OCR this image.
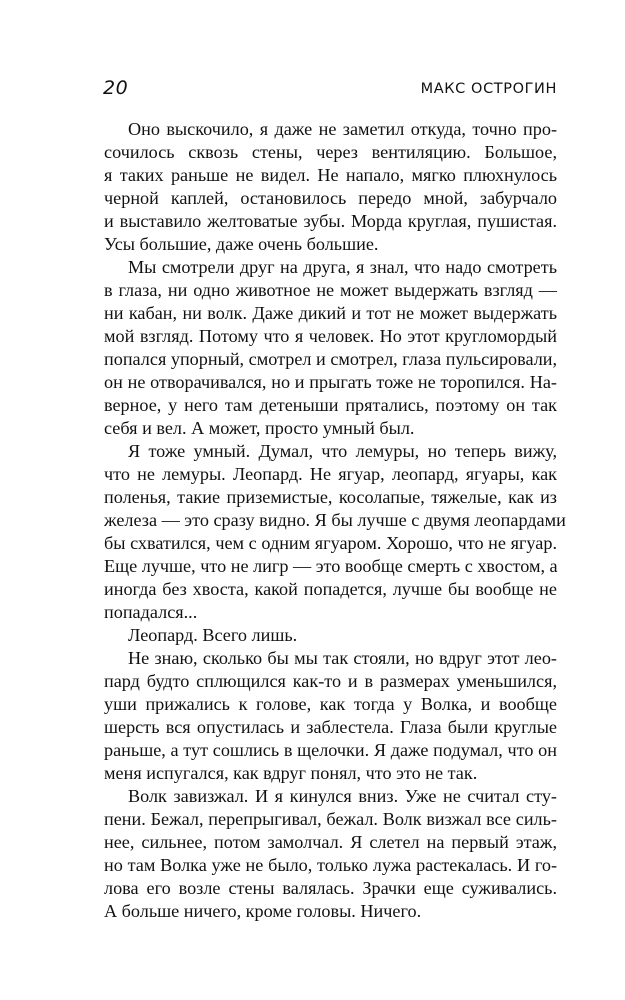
20	МАКС ОСТРОГИН
Оно выскочило, я даже не заметил откуда, точно про-
сочилось сквозь стены, через вентиляцию. Большое,
я таких раньше не видел. Не напало, мягко плюхнулось
черной каплей, остановилось передо мной, забурчало
и выставило желтоватые зубы. Морда круглая, пушистая.
Усы большие, даже очень большие.
Мы смотрели друг на друга, я знал, что надо смотреть
в глаза, ни одно животное не может выдержать взгляд —
ни кабан, ни волк. Даже дикий и тот не может выдержать
мой взгляд. Потому что я человек. Но этот кругломордый
попался упорный, смотрел и смотрел, глаза пульсировали,
он не отворачивался, но и прыгать тоже не торопился. На-
верное, у него там детеныши прятались, поэтому он так
себя и вел. А может, просто умный был.
Я тоже умный. Думал, что лемуры, но теперь вижу,
что не лемуры. Леопард. Не ягуар, леопард, ягуары, как
поленья, такие приземистые, косолапые, тяжелые, как из
железа — это сразу видно. Я бы лучше с двумя леопардами
бы схватился, чем с одним ягуаром. Хорошо, что не ягуар.
Еще лучше, что не лигр — это вообще смерть с хвостом, а
иногда без хвоста, какой попадется, лучше бы вообще не
попадался...
Леопард. Всего лишь.
Не знаю, сколько бы мы так стояли, но вдруг этот лео-
пард будто сплющился как-то и в размерах уменьшился,
уши прижались к голове, как тогда у Волка, и вообще
шерсть вся опустилась и заблестела. Глаза были круглые
раньше, а тут сошлись в щелочки. Я даже подумал, что он
меня испугался, как вдруг понял, что это не так.
Волк завизжал. И я кинулся вниз. Уже не считал сту-
пени. Бежал, перепрыгивал, бежал. Волк визжал все силь-
нее, сильнее, потом замолчал. Я слетел на первый этаж,
но там Волка уже не было, только лужа растекалась. И го-
лова его возле стены валялась. Зрачки еще суживались.
А больше ничего, кроме головы. Ничего.
